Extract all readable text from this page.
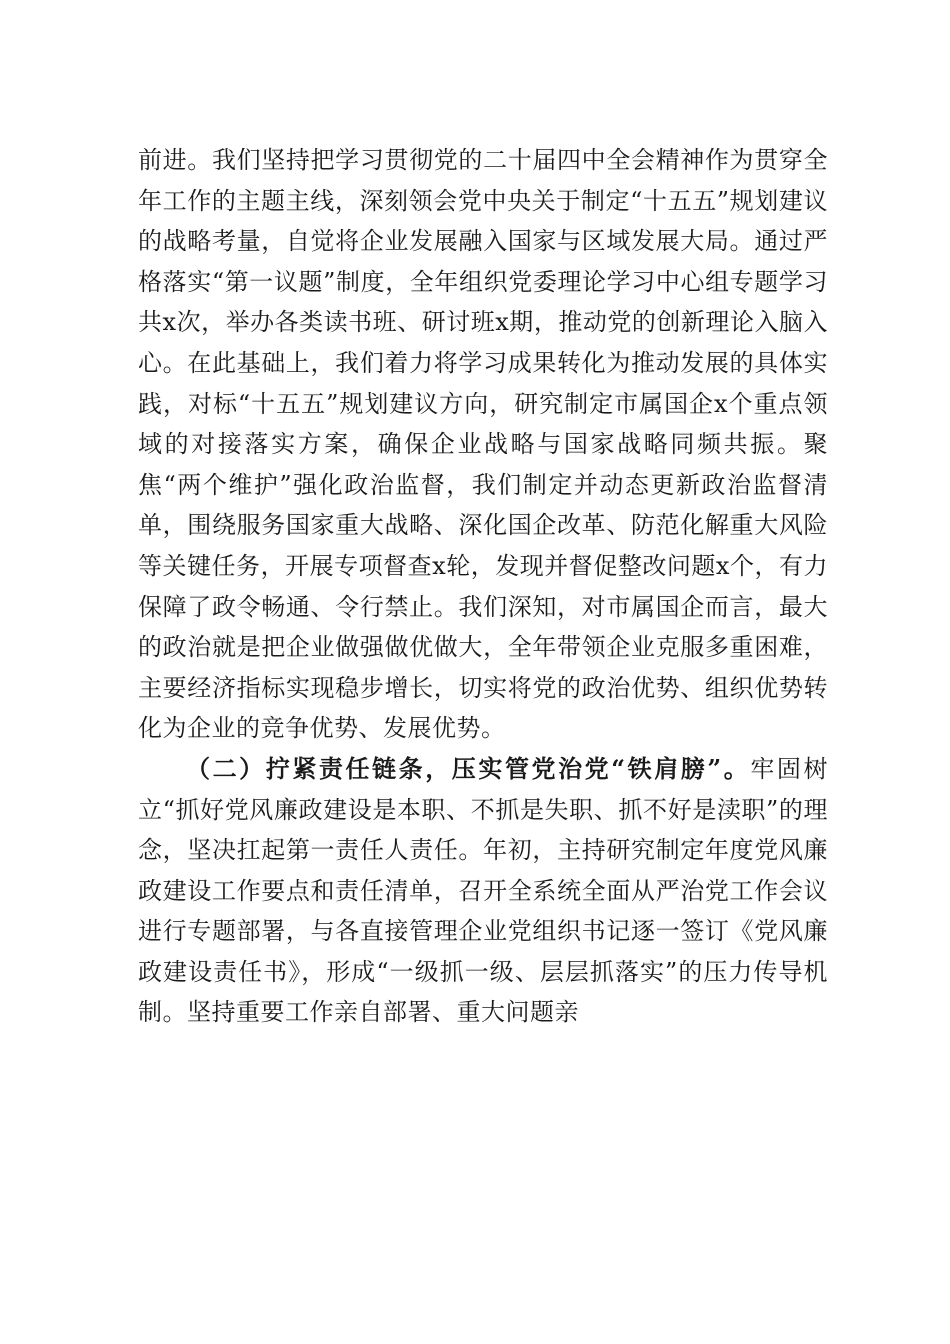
前进。我们坚持把学习贯彻党的二十届四中全会精神作为贯穿全年工作的主题主线，深刻领会党中央关于制定“十五五”规划建议的战略考量，自觉将企业发展融入国家与区域发展大局。通过严格落实“第一议题”制度，全年组织党委理论学习中心组专题学习共x次，举办各类读书班、研讨班x期，推动党的创新理论入脑入心。在此基础上，我们着力将学习成果转化为推动发展的具体实践，对标“十五五”规划建议方向，研究制定市属国企x个重点领域的对接落实方案，确保企业战略与国家战略同频共振。聚焦“两个维护”强化政治监督，我们制定并动态更新政治监督清单，围绕服务国家重大战略、深化国企改革、防范化解重大风险等关键任务，开展专项督查x轮，发现并督促整改问题x个，有力保障了政令畅通、令行禁止。我们深知，对市属国企而言，最大的政治就是把企业做强做优做大，全年带领企业克服多重困难，主要经济指标实现稳步增长，切实将党的政治优势、组织优势转化为企业的竞争优势、发展优势。

（二）拧紧责任链条，压实管党治党“铁肩膀”。牢固树立“抓好党风廉政建设是本职、不抓是失职、抓不好是渎职”的理念，坚决扛起第一责任人责任。年初，主持研究制定年度党风廉政建设工作要点和责任清单，召开全系统全面从严治党工作会议进行专题部署，与各直接管理企业党组织书记逐一签订《党风廉政建设责任书》，形成“一级抓一级、层层抓落实”的压力传导机制。坚持重要工作亲自部署、重大问题亲
